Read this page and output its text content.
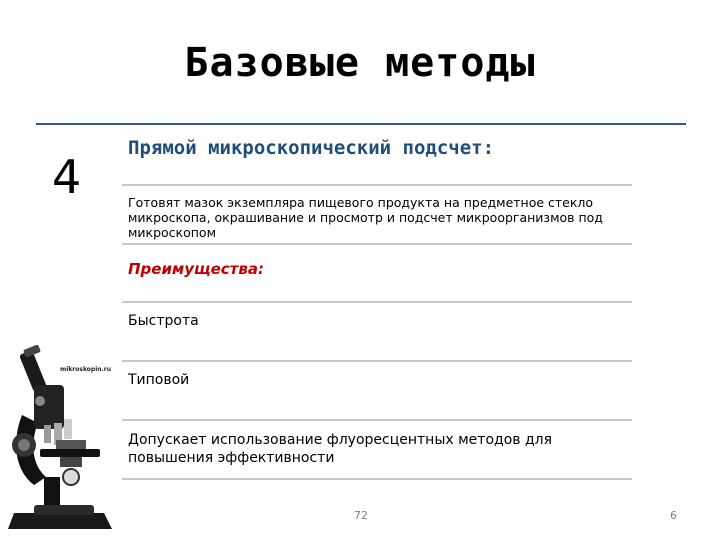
Базовые методы
4
Прямой микроскопический подсчет:
Готовят мазок экземпляра пищевого продукта на предметное стекло микроскопа, окрашивание и просмотр и подсчет микроорганизмов под микроскопом
Преимущества:
Быстрота
Типовой
Допускает использование флуоресцентных методов для повышения эффективности
mikroskopin.ru
72	6
